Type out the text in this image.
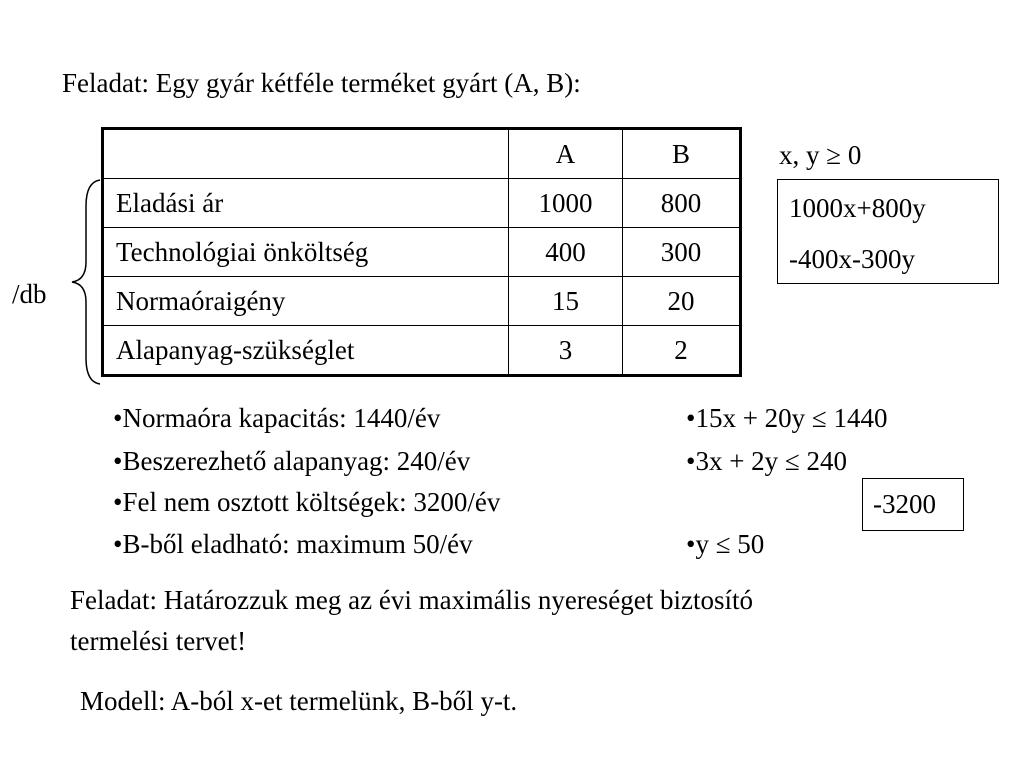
Feladat: Egy gyár kétféle terméket gyárt (A, B):
	A	B
Eladási ár	1000	800
Technológiai önköltség	400	300
Normaóraigény	15	20
Alapanyag-szükséglet	3	2
/db
x, y ≥ 0
1000x+800y
-400x-300y
•Normaóra kapacitás: 1440/év
•Beszerezhető alapanyag: 240/év
•Fel nem osztott költségek: 3200/év
•B-ből eladható: maximum 50/év
•15x + 20y ≤ 1440
•3x + 2y ≤ 240
•y ≤ 50
-3200
Feladat: Határozzuk meg az évi maximális nyereséget biztosító
termelési tervet!
Modell: A-ból x-et termelünk, B-ből y-t.
